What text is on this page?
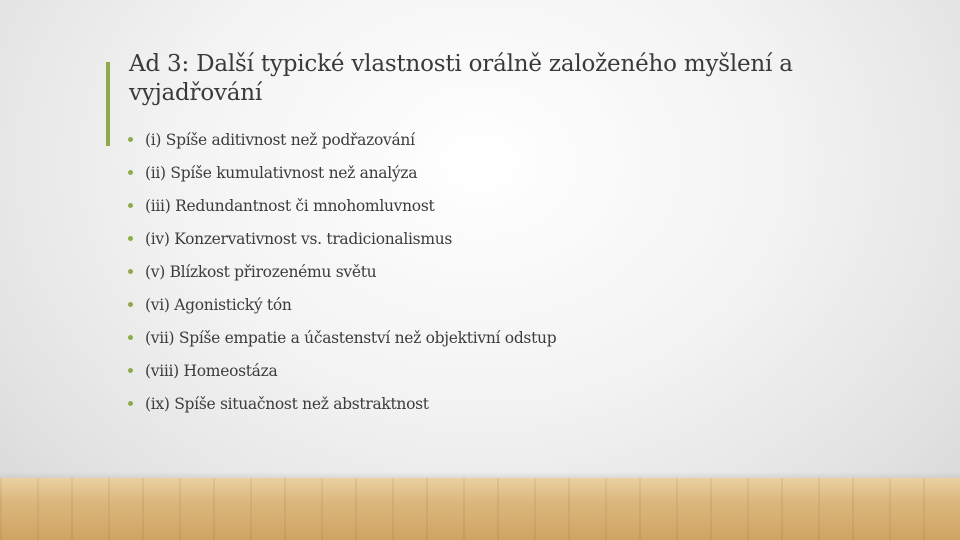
Ad 3: Další typické vlastnosti orálně založeného myšlení a vyjadřování
(i) Spíše aditivnost než podřazování
(ii) Spíše kumulativnost než analýza
(iii) Redundantnost či mnohomluvnost
(iv) Konzervativnost vs. tradicionalismus
(v) Blízkost přirozenému světu
(vi) Agonistický tón
(vii) Spíše empatie a účastenství než objektivní odstup
(viii) Homeostáza
(ix) Spíše situačnost než abstraktnost
